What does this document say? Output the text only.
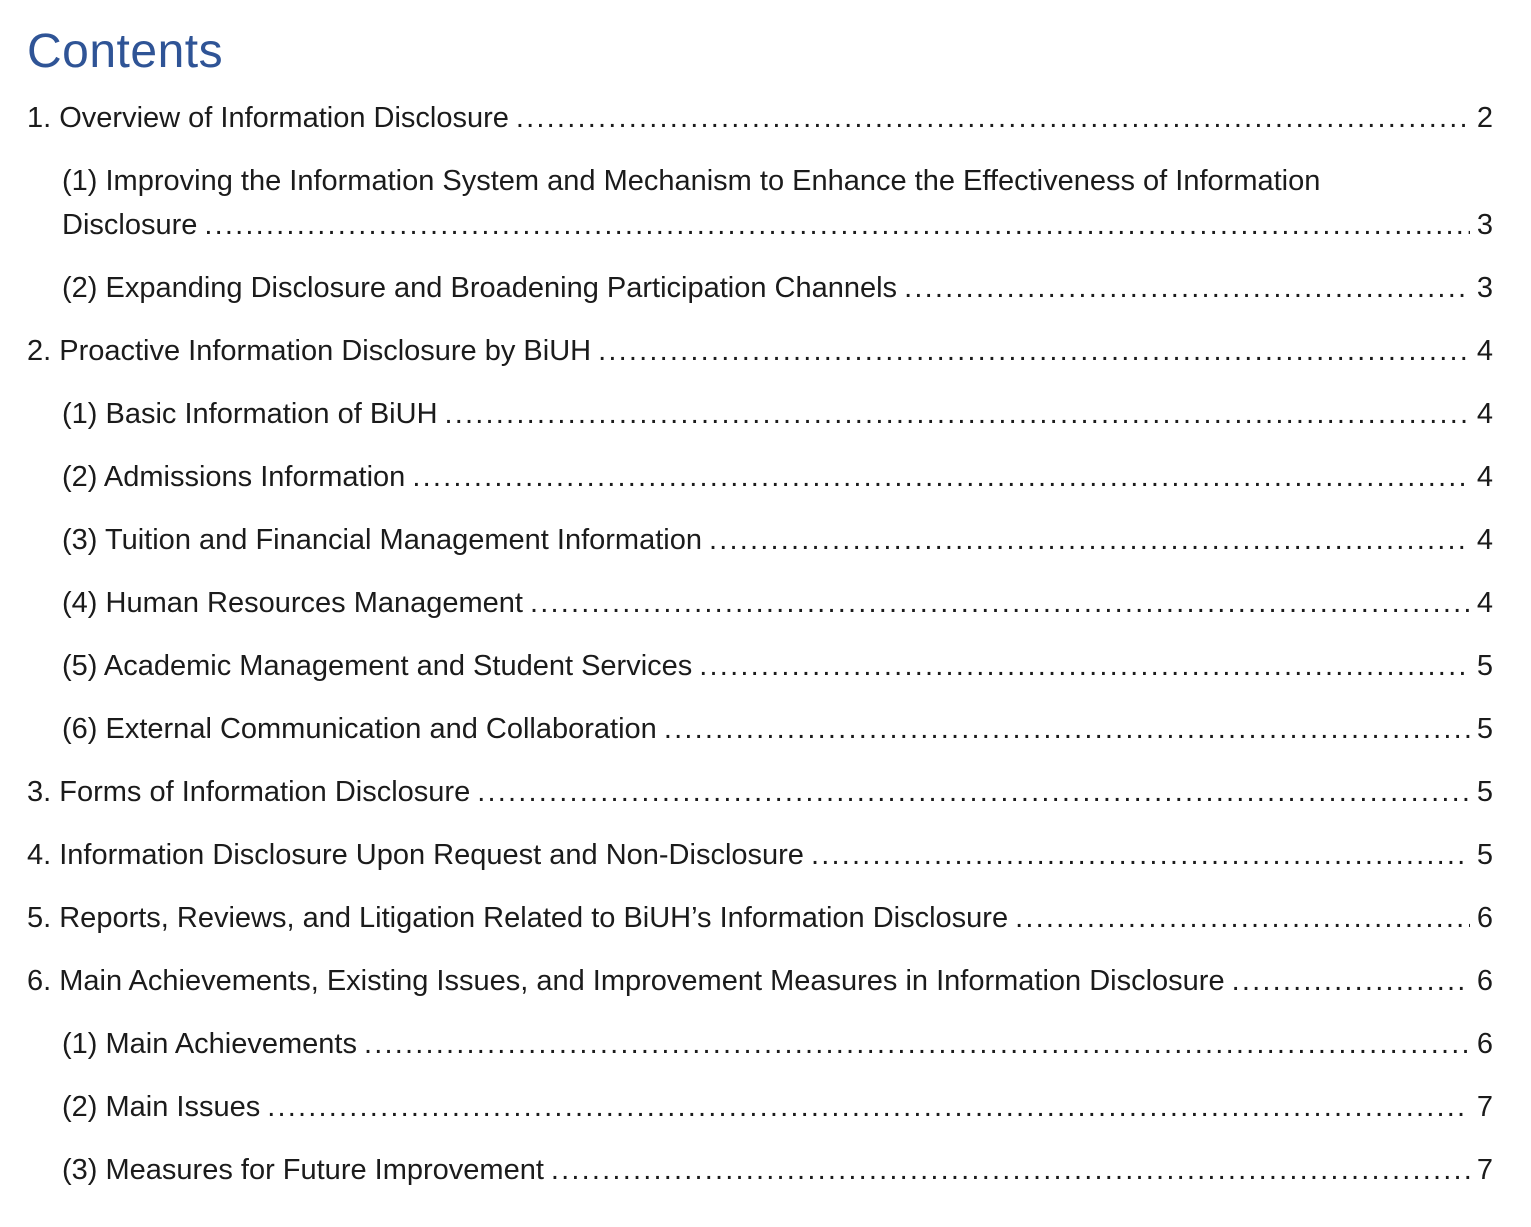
Contents
1. Overview of Information Disclosure .....	2
(1) Improving the Information System and Mechanism to Enhance the Effectiveness of Information
Disclosure .....	3
(2) Expanding Disclosure and Broadening Participation Channels .....	3
2. Proactive Information Disclosure by BiUH .....	4
(1) Basic Information of BiUH .....	4
(2) Admissions Information .....	4
(3) Tuition and Financial Management Information .....	4
(4) Human Resources Management .....	4
(5) Academic Management and Student Services .....	5
(6) External Communication and Collaboration .....	5
3. Forms of Information Disclosure .....	5
4. Information Disclosure Upon Request and Non-Disclosure .....	5
5. Reports, Reviews, and Litigation Related to BiUH’s Information Disclosure .....	6
6. Main Achievements, Existing Issues, and Improvement Measures in Information Disclosure .....	6
(1) Main Achievements .....	6
(2) Main Issues .....	7
(3) Measures for Future Improvement .....	7
